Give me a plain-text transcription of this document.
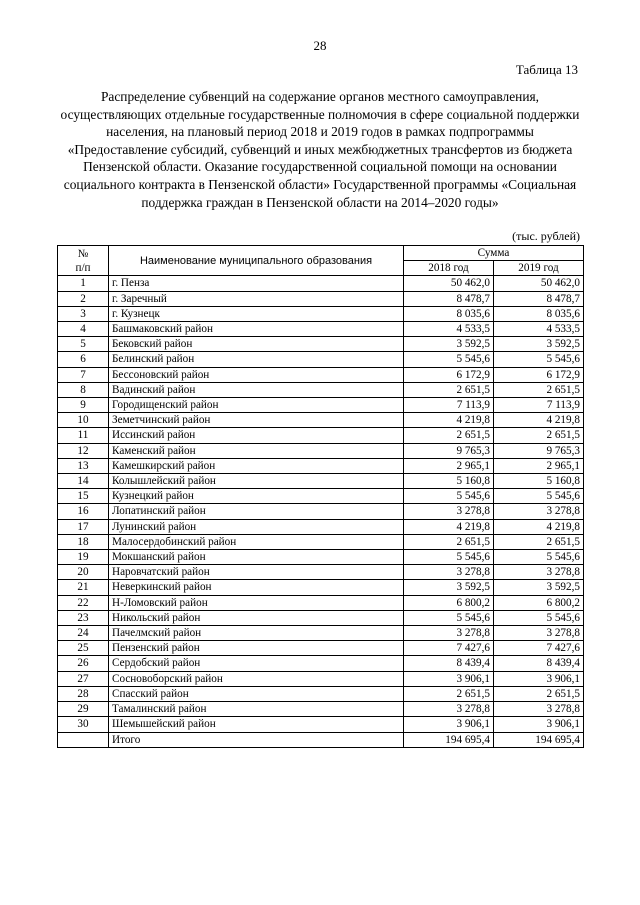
28
Таблица 13
Распределение субвенций на содержание органов местного самоуправления, осуществляющих отдельные государственные полномочия в сфере социальной поддержки населения, на плановый период 2018 и 2019 годов в рамках подпрограммы «Предоставление субсидий, субвенций и иных межбюджетных трансфертов из бюджета Пензенской области. Оказание государственной социальной помощи на основании социального контракта в Пензенской области» Государственной программы «Социальная поддержка граждан в Пензенской области на 2014–2020 годы»
(тыс. рублей)
№
п/п	Наименование муниципального образования	Сумма	
		2018 год	2019 год
1	г. Пенза	50 462,0	50 462,0
2	г. Заречный	8 478,7	8 478,7
3	г. Кузнецк	8 035,6	8 035,6
4	Башмаковский район	4 533,5	4 533,5
5	Бековский район	3 592,5	3 592,5
6	Белинский район	5 545,6	5 545,6
7	Бессоновский район	6 172,9	6 172,9
8	Вадинский район	2 651,5	2 651,5
9	Городищенский район	7 113,9	7 113,9
10	Земетчинский район	4 219,8	4 219,8
11	Иссинский район	2 651,5	2 651,5
12	Каменский район	9 765,3	9 765,3
13	Камешкирский район	2 965,1	2 965,1
14	Колышлейский район	5 160,8	5 160,8
15	Кузнецкий район	5 545,6	5 545,6
16	Лопатинский район	3 278,8	3 278,8
17	Лунинский район	4 219,8	4 219,8
18	Малосердобинский район	2 651,5	2 651,5
19	Мокшанский район	5 545,6	5 545,6
20	Наровчатский район	3 278,8	3 278,8
21	Неверкинский район	3 592,5	3 592,5
22	Н-Ломовский район	6 800,2	6 800,2
23	Никольский район	5 545,6	5 545,6
24	Пачелмский район	3 278,8	3 278,8
25	Пензенский район	7 427,6	7 427,6
26	Сердобский район	8 439,4	8 439,4
27	Сосновоборский район	3 906,1	3 906,1
28	Спасский район	2 651,5	2 651,5
29	Тамалинский район	3 278,8	3 278,8
30	Шемышейский район	3 906,1	3 906,1
	Итого	194 695,4	194 695,4
